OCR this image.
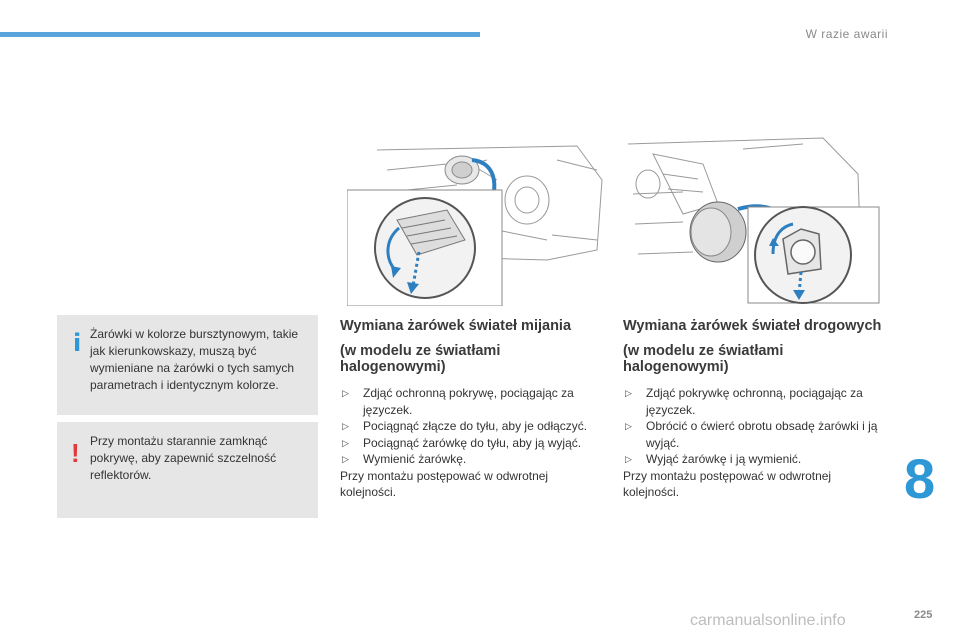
W razie awarii
i Żarówki w kolorze bursztynowym, takie jak kierunkowskazy, muszą być wymieniane na żarówki o tych samych parametrach i identycznym kolorze.
! Przy montażu starannie zamknąć pokrywę, aby zapewnić szczelność reflektorów.
Wymiana żarówek świateł mijania
(w modelu ze światłami halogenowymi)
▷ Zdjąć ochronną pokrywę, pociągając za języczek.
▷ Pociągnąć złącze do tyłu, aby je odłączyć.
▷ Pociągnąć żarówkę do tyłu, aby ją wyjąć.
▷ Wymienić żarówkę.
Przy montażu postępować w odwrotnej kolejności.
Wymiana żarówek świateł drogowych
(w modelu ze światłami halogenowymi)
▷ Zdjąć pokrywkę ochronną, pociągając za języczek.
▷ Obrócić o ćwierć obrotu obsadę żarówki i ją wyjąć.
▷ Wyjąć żarówkę i ją wymienić.
Przy montażu postępować w odwrotnej kolejności.	8
carmanualsonline.info	225
